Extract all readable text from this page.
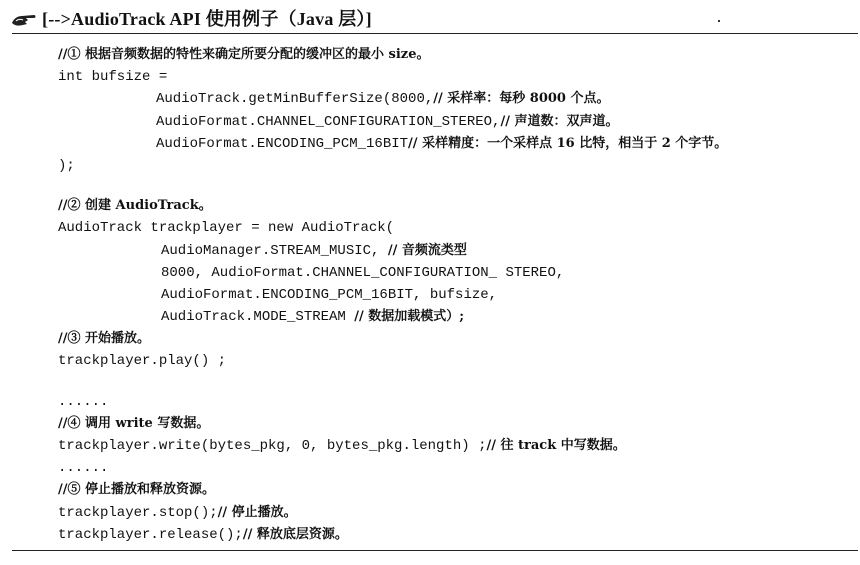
[-->AudioTrack API 使用例子（Java 层）]
//① 根据音频数据的特性来确定所要分配的缓冲区的最小 size。
int bufsize =
AudioTrack.getMinBufferSize(8000,// 采样率：每秒 8000 个点。
AudioFormat.CHANNEL_CONFIGURATION_STEREO,// 声道数：双声道。
AudioFormat.ENCODING_PCM_16BIT// 采样精度：一个采样点 16 比特，相当于 2 个字节。
);
//② 创建 AudioTrack。
AudioTrack trackplayer = new AudioTrack(
AudioManager.STREAM_MUSIC, // 音频流类型
8000, AudioFormat.CHANNEL_CONFIGURATION_ STEREO,
AudioFormat.ENCODING_PCM_16BIT, bufsize,
AudioTrack.MODE_STREAM // 数据加载模式）;
//③ 开始播放。
trackplayer.play() ;
......
//④ 调用 write 写数据。
trackplayer.write(bytes_pkg, 0, bytes_pkg.length) ;// 往 track 中写数据。
......
//⑤ 停止播放和释放资源。
trackplayer.stop();// 停止播放。
trackplayer.release();// 释放底层资源。
